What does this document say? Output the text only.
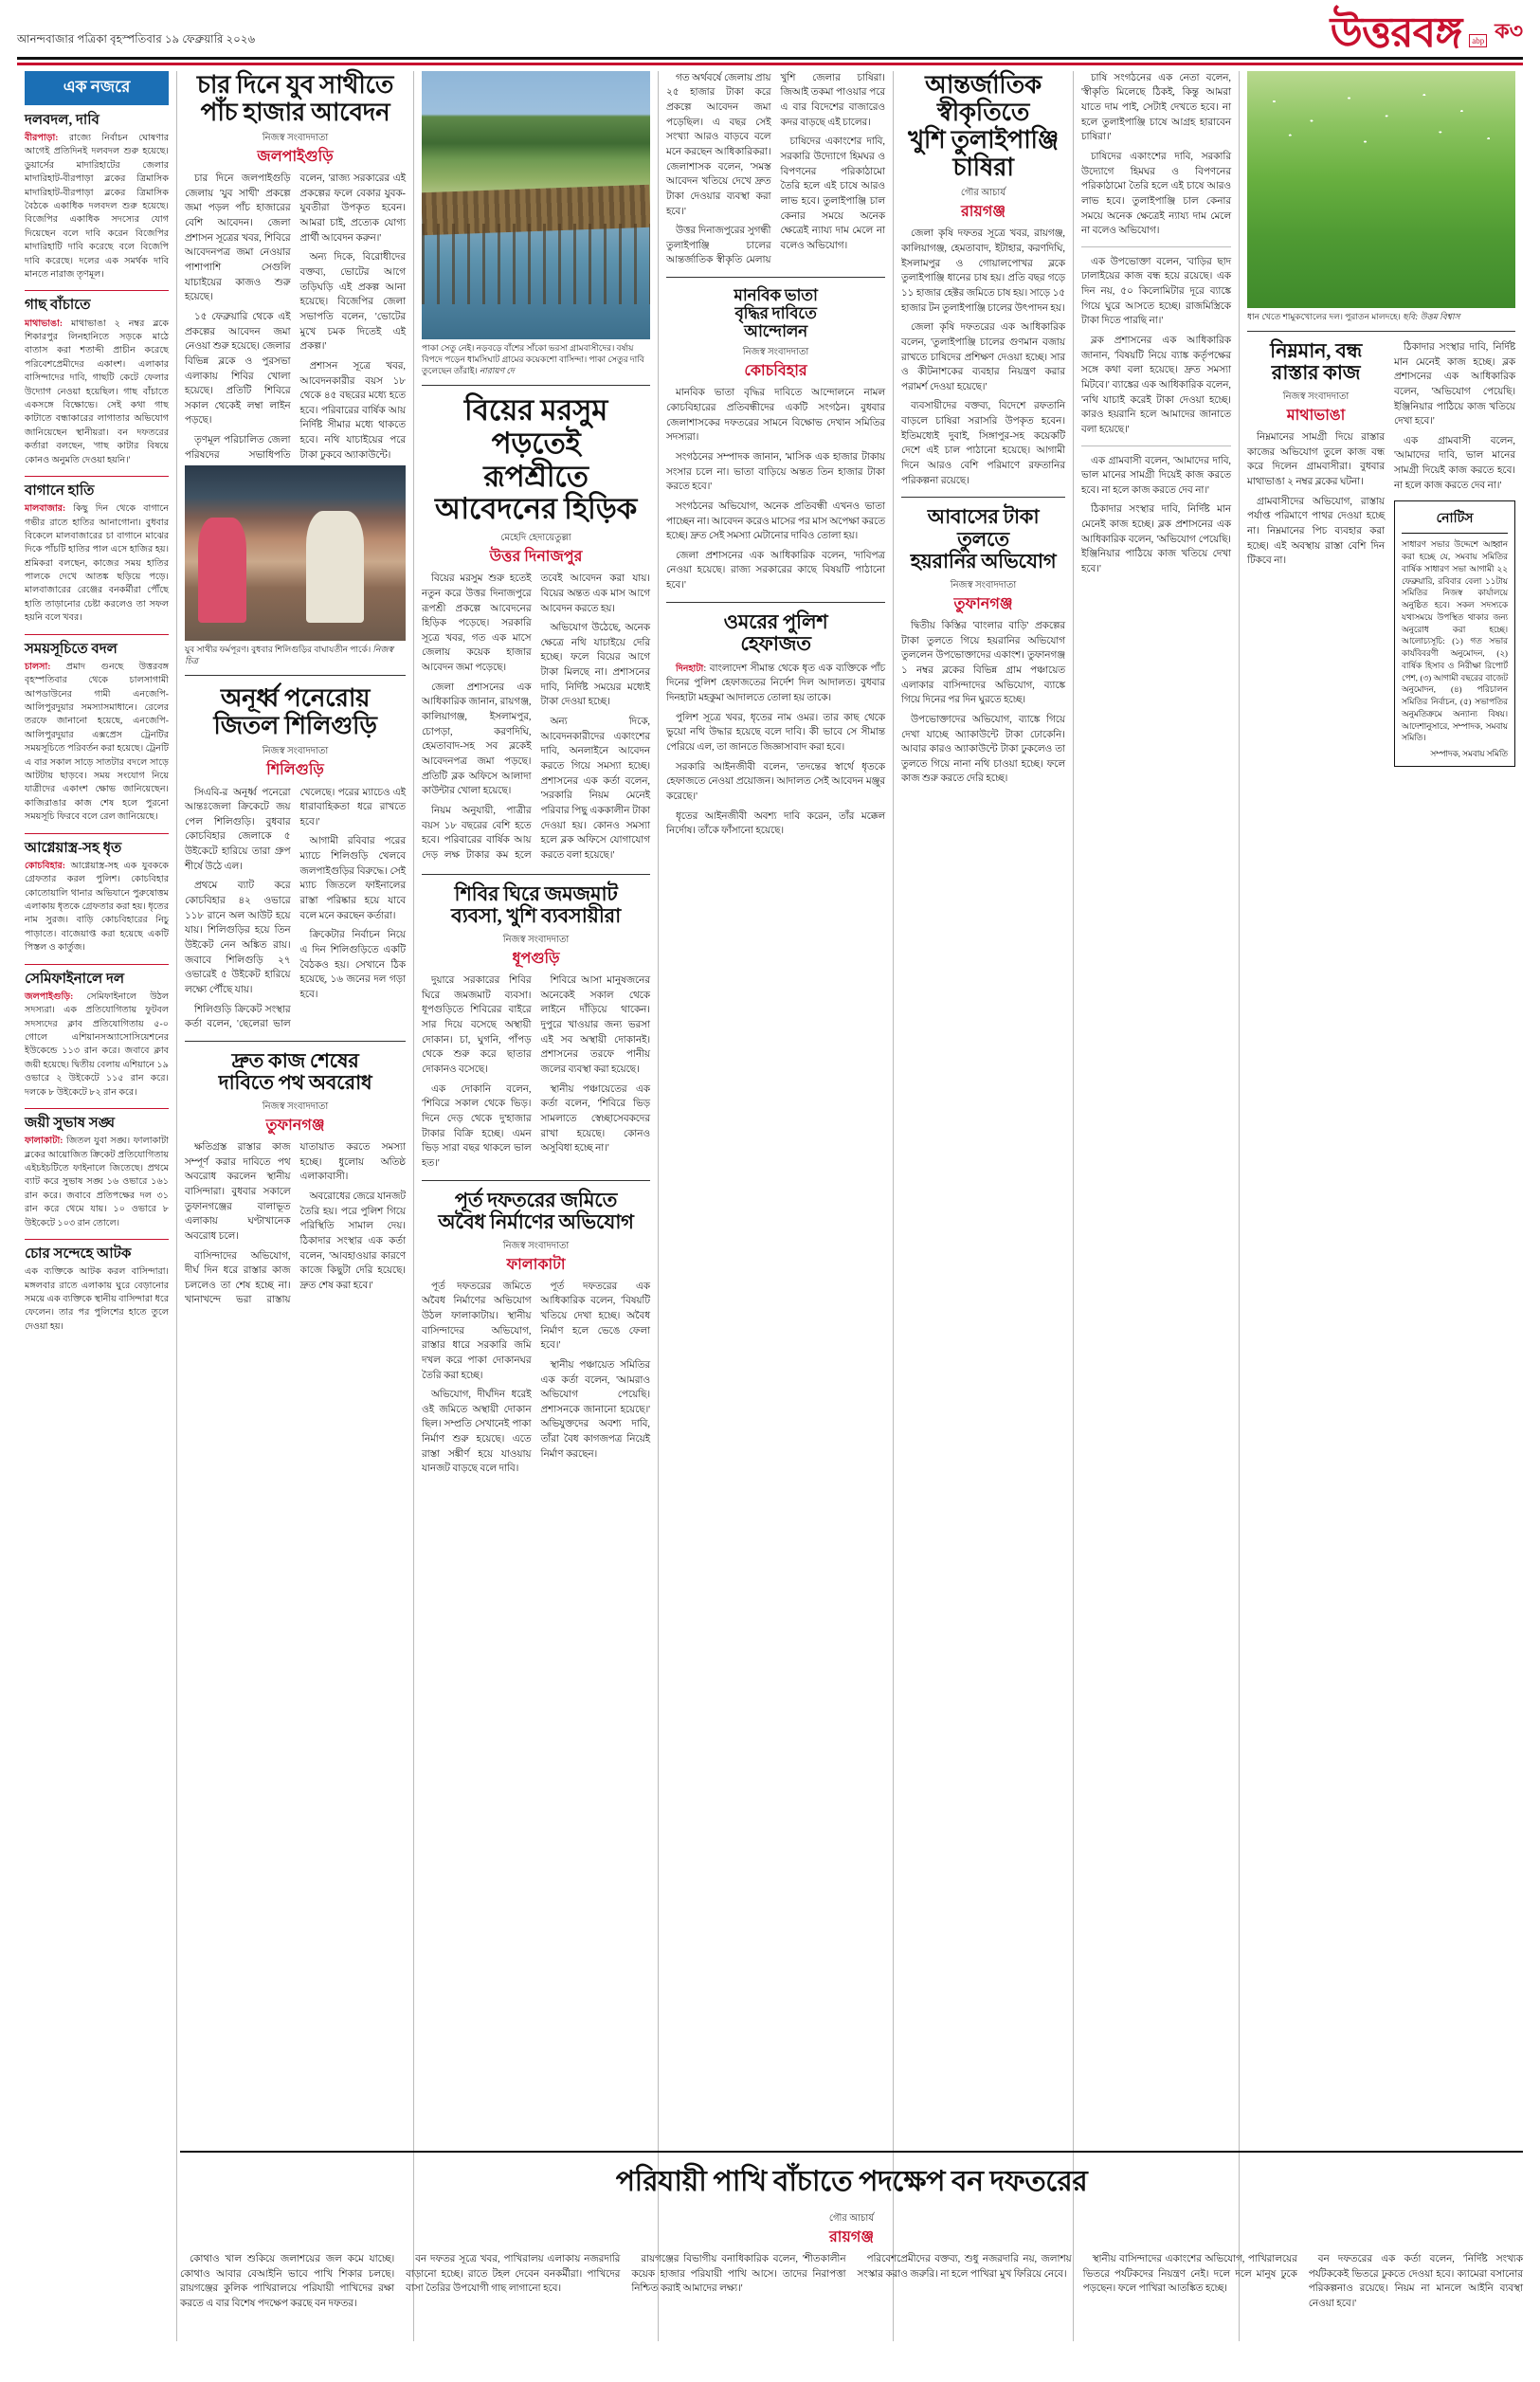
আনন্দবাজার পত্রিকা বৃহস্পতিবার ১৯ ফেব্রুয়ারি ২০২৬	উত্তরবঙ্গ	abp ক৩
এক নজরে
দলবদল, দাবি
বীরপাড়া: রাজ্যে নির্বাচন ঘোষণার আগেই প্রতিদিনই দলবদল শুরু হয়েছে। ডুয়ার্সের মাদারিহাটের জেলার মাদারিহাট-বীরপাড়া ব্লকের ত্রিমাসিক মাদারিহাট-বীরপাড়া ব্লকের ত্রিমাসিক বৈঠকে একাধিক দলবদল শুরু হয়েছে। বিজেপির একাধিক সদস্যের যোগ দিয়েছেন বলে দাবি করেন বিজেপির মাদারিহাটি দাবি করেছে বলে বিজেপি দাবি করেছে। দলের এক সমর্থক দাবি মানতে নারাজ তৃণমূল।
গাছ বাঁচাতে
মাথাভাঙা: মাথাভাঙা ২ নম্বর ব্লকে শিকারপুর লিনহানিতে সড়কে মাঠে বাতাস করা শতাব্দী প্রাচীন করেছে পরিবেশপ্রেমীদের একাংশ। এলাকার বাসিন্দাদের দাবি, গাছটি কেটে ফেলার উদ্যোগ নেওয়া হয়েছিল। গাছ বাঁচাতে একসঙ্গে বিক্ষোভে। সেই কথা গাছ কাটাতে বন্ধাকারের লাগাতার অভিযোগ জানিয়েছেন স্থানীয়রা। বন দফতরের কর্তারা বলছেন, 'গাছ কাটার বিষয়ে কোনও অনুমতি দেওয়া হয়নি।'
বাগানে হাতি
মালবাজার: কিছু দিন থেকে বাগানে গভীর রাতে হাতির আনাগোনা। বুধবার বিকেলে মালবাজারের চা বাগানে মাঝের দিকে পাঁচটি হাতির পাল এসে হাজির হয়। শ্রমিকরা বলছেন, কাজের সময় হাতির পালকে দেখে আতঙ্ক ছড়িয়ে পড়ে। মালবাজারের রেঞ্জের বনকর্মীরা পৌঁছে হাতি তাড়ানোর চেষ্টা করলেও তা সফল হয়নি বলে খবর।
সময়সূচিতে বদল
চালসা: প্রমাদ গুনছে উত্তরবঙ্গ বৃহস্পতিবার থেকে চালসাগামী আপডাউনের গামী এনজেপি-আলিপুরদুয়ার সমস্যাসমাধানে। রেলের তরফে জানানো হয়েছে, এনজেপি-আলিপুরদুয়ার এক্সপ্রেস ট্রেনটির সময়সূচিতে পরিবর্তন করা হয়েছে। ট্রেনটি এ বার সকাল সাড়ে সাতটার বদলে সাড়ে আটটায় ছাড়বে। সময় সংযোগ নিয়ে যাত্রীদের একাংশ ক্ষোভ জানিয়েছেন। কাজিরাঙার কাজ শেষ হলে পুরনো সময়সূচি ফিরবে বলে রেল জানিয়েছে।
আগ্নেয়াস্ত্র-সহ ধৃত
কোচবিহার: আগ্নেয়াস্ত্র-সহ এক যুবককে গ্রেফতার করল পুলিশ। কোচবিহার কোতোয়ালি থানার অভিযানে পুরুষোত্তম এলাকায় ধৃতকে গ্রেফতার করা হয়। ধৃতের নাম সুরজ। বাড়ি কোচবিহারের নিচু পাড়াতে। বাজেয়াপ্ত করা হয়েছে একটি পিস্তল ও কার্তুজ।
সেমিফাইনালে দল
জলপাইগুড়ি: সেমিফাইনালে উঠল সদস্যরা। এক প্রতিযোগিতায় ফুটবল সদস্যদের ক্লাব প্রতিযোগিতায় ৫-০ গোলে এশিয়ানসঅ্যাসোসিয়েশনের ইউকেন্ডে ১১৩ রান করে। জবাবে ক্লাব জয়ী হয়েছে। দ্বিতীয় বেলায় এশিয়ানে ১৯ ওভারে ২ উইকেটে ১১৫ রান করে। দলকে ৮ উইকেটে ৮২ রান করে।
জয়ী সুভাষ সঙ্ঘ
ফালাকাটা: জিতল যুবা সঙ্ঘ। ফালাকাটা ব্লকের আয়োজিত ক্রিকেট প্রতিযোগিতায় এইচইচটিতে ফাইনালে জিতেছে। প্রথমে ব্যাট করে সুভাষ সঙ্ঘ ১৬ ওভারে ১৬১ রান করে। জবাবে প্রতিপক্ষের দল ৩১ রান করে থেমে যায়। ১০ ওভারে ৮ উইকেটে ১০৩ রান তোলে।
চোর সন্দেহে আটক
এক ব্যক্তিকে আটক করল বাসিন্দারা। মঙ্গলবার রাতে এলাকায় ঘুরে বেড়ানোর সময়ে এক ব্যক্তিকে স্থানীয় বাসিন্দারা ধরে ফেলেন। তার পর পুলিশের হাতে তুলে দেওয়া হয়।
চার দিনে যুব সাথীতে
পাঁচ হাজার আবেদন
নিজস্ব সংবাদদাতা
জলপাইগুড়ি

চার দিনে জলপাইগুড়ি জেলায় 'যুব সাথী' প্রকল্পে জমা পড়ল পাঁচ হাজারের বেশি আবেদন। জেলা প্রশাসন সূত্রের খবর, শিবিরে আবেদনপত্র জমা নেওয়ার পাশাপাশি সেগুলি যাচাইয়ের কাজও শুরু হয়েছে।

১৫ ফেব্রুয়ারি থেকে এই প্রকল্পের আবেদন জমা নেওয়া শুরু হয়েছে। জেলার বিভিন্ন ব্লকে ও পুরসভা এলাকায় শিবির খোলা হয়েছে। প্রতিটি শিবিরে সকাল থেকেই লম্বা লাইন পড়ছে।

তৃণমূল পরিচালিত জেলা পরিষদের সভাধিপতি বলেন, 'রাজ্য সরকারের এই প্রকল্পের ফলে বেকার যুবক-যুবতীরা উপকৃত হবেন। আমরা চাই, প্রত্যেক যোগ্য প্রার্থী আবেদন করুন।'

অন্য দিকে, বিরোধীদের বক্তব্য, ভোটের আগে তড়িঘড়ি এই প্রকল্প আনা হয়েছে। বিজেপির জেলা সভাপতি বলেন, 'ভোটের মুখে চমক দিতেই এই প্রকল্প।'

প্রশাসন সূত্রে খবর, আবেদনকারীর বয়স ১৮ থেকে ৪৫ বছরের মধ্যে হতে হবে। পরিবারের বার্ষিক আয় নির্দিষ্ট সীমার মধ্যে থাকতে হবে। নথি যাচাইয়ের পরে টাকা ঢুকবে অ্যাকাউন্টে।

যুব সাথীর ফর্মপূরণ। বুধবার শিলিগুড়ির বাঘাযতীন পার্কে। নিজস্ব চিত্র
অনূর্ধ্ব পনেরোয়
জিতল শিলিগুড়ি
নিজস্ব সংবাদদাতা
শিলিগুড়ি

সিএবি-র অনূর্ধ্ব পনেরো আন্তঃজেলা ক্রিকেটে জয় পেল শিলিগুড়ি। বুধবার কোচবিহার জেলাকে ৫ উইকেটে হারিয়ে তারা গ্রুপ শীর্ষে উঠে এল।

প্রথমে ব্যাট করে কোচবিহার ৪২ ওভারে ১১৮ রানে অল আউট হয়ে যায়। শিলিগুড়ির হয়ে তিন উইকেট নেন অঙ্কিত রায়। জবাবে শিলিগুড়ি ২৭ ওভারেই ৫ উইকেট হারিয়ে লক্ষ্যে পৌঁছে যায়।

শিলিগুড়ি ক্রিকেট সংস্থার কর্তা বলেন, 'ছেলেরা ভাল খেলেছে। পরের ম্যাচেও এই ধারাবাহিকতা ধরে রাখতে হবে।'

আগামী রবিবার পরের ম্যাচে শিলিগুড়ি খেলবে জলপাইগুড়ির বিরুদ্ধে। সেই ম্যাচ জিতলে ফাইনালের রাস্তা পরিষ্কার হয়ে যাবে বলে মনে করছেন কর্তারা।

ক্রিকেটার নির্বাচন নিয়ে এ দিন শিলিগুড়িতে একটি বৈঠকও হয়। সেখানে ঠিক হয়েছে, ১৬ জনের দল গড়া হবে।

দ্রুত কাজ শেষের
দাবিতে পথ অবরোধ
নিজস্ব সংবাদদাতা
তুফানগঞ্জ

ক্ষতিগ্রস্ত রাস্তার কাজ সম্পূর্ণ করার দাবিতে পথ অবরোধ করলেন স্থানীয় বাসিন্দারা। বুধবার সকালে তুফানগঞ্জের বালাভূত এলাকায় ঘণ্টাখানেক অবরোধ চলে।

বাসিন্দাদের অভিযোগ, দীর্ঘ দিন ধরে রাস্তার কাজ চললেও তা শেষ হচ্ছে না। খানাখন্দে ভরা রাস্তায় যাতায়াত করতে সমস্যা হচ্ছে। ধুলোয় অতিষ্ঠ এলাকাবাসী।

অবরোধের জেরে যানজট তৈরি হয়। পরে পুলিশ গিয়ে পরিস্থিতি সামাল দেয়। ঠিকাদার সংস্থার এক কর্তা বলেন, 'আবহাওয়ার কারণে কাজে কিছুটা দেরি হয়েছে। দ্রুত শেষ করা হবে।'

পাকা সেতু নেই। নড়বড়ে বাঁশের সাঁকো ভরসা গ্রামবাসীদের। বর্ষায় বিপদে পড়েন ধামসিঘাট গ্রামের কয়েকশো বাসিন্দা। পাকা সেতুর দাবি তুলেছেন তাঁরাই। নারায়ণ দে
বিয়ের মরসুম পড়তেই
রূপশ্রীতে আবেদনের হিড়িক
মেহেদি হেদায়েতুল্লা
উত্তর দিনাজপুর

বিয়ের মরসুম শুরু হতেই নতুন করে উত্তর দিনাজপুরে রূপশ্রী প্রকল্পে আবেদনের হিড়িক পড়েছে। সরকারি সূত্রে খবর, গত এক মাসে জেলায় কয়েক হাজার আবেদন জমা পড়েছে।

জেলা প্রশাসনের এক আধিকারিক জানান, রায়গঞ্জ, কালিয়াগঞ্জ, ইসলামপুর, চোপড়া, করণদিঘি, হেমতাবাদ-সহ সব ব্লকেই আবেদনপত্র জমা পড়ছে। প্রতিটি ব্লক অফিসে আলাদা কাউন্টার খোলা হয়েছে।

নিয়ম অনুযায়ী, পাত্রীর বয়স ১৮ বছরের বেশি হতে হবে। পরিবারের বার্ষিক আয় দেড় লক্ষ টাকার কম হলে তবেই আবেদন করা যায়। বিয়ের অন্তত এক মাস আগে আবেদন করতে হয়।

অভিযোগ উঠেছে, অনেক ক্ষেত্রে নথি যাচাইয়ে দেরি হচ্ছে। ফলে বিয়ের আগে টাকা মিলছে না। প্রশাসনের দাবি, নির্দিষ্ট সময়ের মধ্যেই টাকা দেওয়া হচ্ছে।

অন্য দিকে, আবেদনকারীদের একাংশের দাবি, অনলাইনে আবেদন করতে গিয়ে সমস্যা হচ্ছে। প্রশাসনের এক কর্তা বলেন, 'সরকারি নিয়ম মেনেই পরিবার পিছু এককালীন টাকা দেওয়া হয়। কোনও সমস্যা হলে ব্লক অফিসে যোগাযোগ করতে বলা হয়েছে।'

শিবির ঘিরে জমজমাট
ব্যবসা, খুশি ব্যবসায়ীরা
নিজস্ব সংবাদদাতা
ধূপগুড়ি

দুয়ারে সরকারের শিবির ঘিরে জমজমাট ব্যবসা। ধূপগুড়িতে শিবিরের বাইরে সার দিয়ে বসেছে অস্থায়ী দোকান। চা, ঘুগনি, পাঁপড় থেকে শুরু করে ছাতার দোকানও বসেছে।

এক দোকানি বলেন, 'শিবিরে সকাল থেকে ভিড়। দিনে দেড় থেকে দু'হাজার টাকার বিক্রি হচ্ছে। এমন ভিড় সারা বছর থাকলে ভাল হত।'

শিবিরে আসা মানুষজনের অনেকেই সকাল থেকে লাইনে দাঁড়িয়ে থাকেন। দুপুরে খাওয়ার জন্য ভরসা এই সব অস্থায়ী দোকানই। প্রশাসনের তরফে পানীয় জলের ব্যবস্থা করা হয়েছে।

স্থানীয় পঞ্চায়েতের এক কর্তা বলেন, 'শিবিরে ভিড় সামলাতে স্বেচ্ছাসেবকদের রাখা হয়েছে। কোনও অসুবিধা হচ্ছে না।'

পূর্ত দফতরের জমিতে
অবৈধ নির্মাণের অভিযোগ
নিজস্ব সংবাদদাতা
ফালাকাটা

পূর্ত দফতরের জমিতে অবৈধ নির্মাণের অভিযোগ উঠল ফালাকাটায়। স্থানীয় বাসিন্দাদের অভিযোগ, রাস্তার ধারে সরকারি জমি দখল করে পাকা দোকানঘর তৈরি করা হচ্ছে।

অভিযোগ, দীর্ঘদিন ধরেই ওই জমিতে অস্থায়ী দোকান ছিল। সম্প্রতি সেখানেই পাকা নির্মাণ শুরু হয়েছে। এতে রাস্তা সঙ্কীর্ণ হয়ে যাওয়ায় যানজট বাড়ছে বলে দাবি।

পূর্ত দফতরের এক আধিকারিক বলেন, 'বিষয়টি খতিয়ে দেখা হচ্ছে। অবৈধ নির্মাণ হলে ভেঙে ফেলা হবে।'

স্থানীয় পঞ্চায়েত সমিতির এক কর্তা বলেন, 'আমরাও অভিযোগ পেয়েছি। প্রশাসনকে জানানো হয়েছে।' অভিযুক্তদের অবশ্য দাবি, তাঁরা বৈধ কাগজপত্র নিয়েই নির্মাণ করছেন।

গত অর্থবর্ষে জেলায় প্রায় ২৫ হাজার টাকা করে প্রকল্পে আবেদন জমা পড়েছিল। এ বছর সেই সংখ্যা আরও বাড়বে বলে মনে করছেন আধিকারিকরা। জেলাশাসক বলেন, 'সমস্ত আবেদন খতিয়ে দেখে দ্রুত টাকা দেওয়ার ব্যবস্থা করা হবে।'

উত্তর দিনাজপুরের সুগন্ধী তুলাইপাঞ্জি চালের আন্তর্জাতিক স্বীকৃতি মেলায় খুশি জেলার চাষিরা। জিআই তকমা পাওয়ার পরে এ বার বিদেশের বাজারেও কদর বাড়ছে এই চালের।

চাষিদের একাংশের দাবি, সরকারি উদ্যোগে হিমঘর ও বিপণনের পরিকাঠামো তৈরি হলে এই চাষে আরও লাভ হবে। তুলাইপাঞ্জি চাল কেনার সময়ে অনেক ক্ষেত্রেই ন্যায্য দাম মেলে না বলেও অভিযোগ।

মানবিক ভাতা
বৃদ্ধির দাবিতে
আন্দোলন
নিজস্ব সংবাদদাতা
কোচবিহার

মানবিক ভাতা বৃদ্ধির দাবিতে আন্দোলনে নামল কোচবিহারের প্রতিবন্ধীদের একটি সংগঠন। বুধবার জেলাশাসকের দফতরের সামনে বিক্ষোভ দেখান সমিতির সদস্যরা।

সংগঠনের সম্পাদক জানান, 'মাসিক এক হাজার টাকায় সংসার চলে না। ভাতা বাড়িয়ে অন্তত তিন হাজার টাকা করতে হবে।'

সংগঠনের অভিযোগ, অনেক প্রতিবন্ধী এখনও ভাতা পাচ্ছেন না। আবেদন করেও মাসের পর মাস অপেক্ষা করতে হচ্ছে। দ্রুত সেই সমস্যা মেটানোর দাবিও তোলা হয়।

জেলা প্রশাসনের এক আধিকারিক বলেন, 'দাবিপত্র নেওয়া হয়েছে। রাজ্য সরকারের কাছে বিষয়টি পাঠানো হবে।'

ওমরের পুলিশ
হেফাজত

দিনহাটা: বাংলাদেশ সীমান্ত থেকে ধৃত এক ব্যক্তিকে পাঁচ দিনের পুলিশ হেফাজতের নির্দেশ দিল আদালত। বুধবার দিনহাটা মহকুমা আদালতে তোলা হয় তাকে।

পুলিশ সূত্রে খবর, ধৃতের নাম ওমর। তার কাছ থেকে ভুয়ো নথি উদ্ধার হয়েছে বলে দাবি। কী ভাবে সে সীমান্ত পেরিয়ে এল, তা জানতে জিজ্ঞাসাবাদ করা হবে।

সরকারি আইনজীবী বলেন, 'তদন্তের স্বার্থে ধৃতকে হেফাজতে নেওয়া প্রয়োজন। আদালত সেই আবেদন মঞ্জুর করেছে।'

ধৃতের আইনজীবী অবশ্য দাবি করেন, তাঁর মক্কেল নির্দোষ। তাঁকে ফাঁসানো হয়েছে।

আন্তর্জাতিক স্বীকৃতিতে
খুশি তুলাইপাঞ্জি চাষিরা
গৌর আচার্য
রায়গঞ্জ

জেলা কৃষি দফতর সূত্রে খবর, রায়গঞ্জ, কালিয়াগঞ্জ, হেমতাবাদ, ইটাহার, করণদিঘি, ইসলামপুর ও গোয়ালপোখর ব্লকে তুলাইপাঞ্জি ধানের চাষ হয়। প্রতি বছর গড়ে ১১ হাজার হেক্টর জমিতে চাষ হয়। সাড়ে ১৫ হাজার টন তুলাইপাঞ্জি চালের উৎপাদন হয়।

জেলা কৃষি দফতরের এক আধিকারিক বলেন, 'তুলাইপাঞ্জি চালের গুণমান বজায় রাখতে চাষিদের প্রশিক্ষণ দেওয়া হচ্ছে। সার ও কীটনাশকের ব্যবহার নিয়ন্ত্রণ করার পরামর্শ দেওয়া হয়েছে।'

ব্যবসায়ীদের বক্তব্য, বিদেশে রফতানি বাড়লে চাষিরা সরাসরি উপকৃত হবেন। ইতিমধ্যেই দুবাই, সিঙ্গাপুর-সহ কয়েকটি দেশে এই চাল পাঠানো হয়েছে। আগামী দিনে আরও বেশি পরিমাণে রফতানির পরিকল্পনা রয়েছে।

আবাসের টাকা তুলতে
হয়রানির অভিযোগ
নিজস্ব সংবাদদাতা
তুফানগঞ্জ

দ্বিতীয় কিস্তির 'বাংলার বাড়ি' প্রকল্পের টাকা তুলতে গিয়ে হয়রানির অভিযোগ তুললেন উপভোক্তাদের একাংশ। তুফানগঞ্জ ১ নম্বর ব্লকের বিভিন্ন গ্রাম পঞ্চায়েত এলাকার বাসিন্দাদের অভিযোগ, ব্যাঙ্কে গিয়ে দিনের পর দিন ঘুরতে হচ্ছে।

উপভোক্তাদের অভিযোগ, ব্যাঙ্কে গিয়ে দেখা যাচ্ছে অ্যাকাউন্টে টাকা ঢোকেনি। আবার কারও অ্যাকাউন্টে টাকা ঢুকলেও তা তুলতে গিয়ে নানা নথি চাওয়া হচ্ছে। ফলে কাজ শুরু করতে দেরি হচ্ছে।

চাষি সংগঠনের এক নেতা বলেন, 'স্বীকৃতি মিলেছে ঠিকই, কিন্তু আমরা যাতে দাম পাই, সেটাই দেখতে হবে। না হলে তুলাইপাঞ্জি চাষে আগ্রহ হারাবেন চাষিরা।'

চাষিদের একাংশের দাবি, সরকারি উদ্যোগে হিমঘর ও বিপণনের পরিকাঠামো তৈরি হলে এই চাষে আরও লাভ হবে। তুলাইপাঞ্জি চাল কেনার সময়ে অনেক ক্ষেত্রেই ন্যায্য দাম মেলে না বলেও অভিযোগ।

এক উপভোক্তা বলেন, 'বাড়ির ছাদ ঢালাইয়ের কাজ বন্ধ হয়ে রয়েছে। এক দিন নয়, ৫০ কিলোমিটার দূরে ব্যাঙ্কে গিয়ে ঘুরে আসতে হচ্ছে। রাজমিস্ত্রিকে টাকা দিতে পারছি না।'

ব্লক প্রশাসনের এক আধিকারিক জানান, 'বিষয়টি নিয়ে ব্যাঙ্ক কর্তৃপক্ষের সঙ্গে কথা বলা হয়েছে। দ্রুত সমস্যা মিটবে।' ব্যাঙ্কের এক আধিকারিক বলেন, 'নথি যাচাই করেই টাকা দেওয়া হচ্ছে। কারও হয়রানি হলে আমাদের জানাতে বলা হয়েছে।'

এক গ্রামবাসী বলেন, 'আমাদের দাবি, ভাল মানের সামগ্রী দিয়েই কাজ করতে হবে। না হলে কাজ করতে দেব না।'

ঠিকাদার সংস্থার দাবি, নির্দিষ্ট মান মেনেই কাজ হচ্ছে। ব্লক প্রশাসনের এক আধিকারিক বলেন, 'অভিযোগ পেয়েছি। ইঞ্জিনিয়ার পাঠিয়ে কাজ খতিয়ে দেখা হবে।'

ধান খেতে শামুকখোলের দল। পুরাতন মালদহে। ছবি: উত্তম বিশ্বাস
নিম্নমান, বন্ধ
রাস্তার কাজ
নিজস্ব সংবাদদাতা
মাথাভাঙা

নিম্নমানের সামগ্রী দিয়ে রাস্তার কাজের অভিযোগ তুলে কাজ বন্ধ করে দিলেন গ্রামবাসীরা। বুধবার মাথাভাঙা ২ নম্বর ব্লকের ঘটনা।

গ্রামবাসীদের অভিযোগ, রাস্তায় পর্যাপ্ত পরিমাণে পাথর দেওয়া হচ্ছে না। নিম্নমানের পিচ ব্যবহার করা হচ্ছে। এই অবস্থায় রাস্তা বেশি দিন টিকবে না।

ঠিকাদার সংস্থার দাবি, নির্দিষ্ট মান মেনেই কাজ হচ্ছে। ব্লক প্রশাসনের এক আধিকারিক বলেন, 'অভিযোগ পেয়েছি। ইঞ্জিনিয়ার পাঠিয়ে কাজ খতিয়ে দেখা হবে।'

এক গ্রামবাসী বলেন, 'আমাদের দাবি, ভাল মানের সামগ্রী দিয়েই কাজ করতে হবে। না হলে কাজ করতে দেব না।'

নোটিস
সাধারণ সভার উদ্দেশে আহ্বান করা হচ্ছে যে, সমবায় সমিতির বার্ষিক সাধারণ সভা আগামী ২২ ফেব্রুয়ারি, রবিবার বেলা ১১টায় সমিতির নিজস্ব কার্যালয়ে অনুষ্ঠিত হবে। সকল সদস্যকে যথাসময়ে উপস্থিত থাকার জন্য অনুরোধ করা হচ্ছে। আলোচ্যসূচি: (১) গত সভার কার্যবিবরণী অনুমোদন, (২) বার্ষিক হিসাব ও নিরীক্ষা রিপোর্ট পেশ, (৩) আগামী বছরের বাজেট অনুমোদন, (৪) পরিচালন সমিতির নির্বাচন, (৫) সভাপতির অনুমতিক্রমে অন্যান্য বিষয়। আদেশানুসারে, সম্পাদক, সমবায় সমিতি।
সম্পাদক, সমবায় সমিতি
পরিযায়ী পাখি বাঁচাতে পদক্ষেপ বন দফতরের
গৌর আচার্য
রায়গঞ্জ

কোথাও খাল শুকিয়ে জলাশয়ের জল কমে যাচ্ছে। কোথাও আবার বেআইনি ভাবে পাখি শিকার চলছে। রায়গঞ্জের কুলিক পাখিরালয়ে পরিযায়ী পাখিদের রক্ষা করতে এ বার বিশেষ পদক্ষেপ করছে বন দফতর।

বন দফতর সূত্রে খবর, পাখিরালয় এলাকায় নজরদারি বাড়ানো হচ্ছে। রাতে টহল দেবেন বনকর্মীরা। পাখিদের বাসা তৈরির উপযোগী গাছ লাগানো হবে।

রায়গঞ্জের বিভাগীয় বনাধিকারিক বলেন, 'শীতকালীন কয়েক হাজার পরিযায়ী পাখি আসে। তাদের নিরাপত্তা নিশ্চিত করাই আমাদের লক্ষ্য।'

পরিবেশপ্রেমীদের বক্তব্য, শুধু নজরদারি নয়, জলাশয় সংস্কার করাও জরুরি। না হলে পাখিরা মুখ ফিরিয়ে নেবে।

স্থানীয় বাসিন্দাদের একাংশের অভিযোগ, পাখিরালয়ের ভিতরে পর্যটকদের নিয়ন্ত্রণ নেই। দলে দলে মানুষ ঢুকে পড়ছেন। ফলে পাখিরা আতঙ্কিত হচ্ছে।

বন দফতরের এক কর্তা বলেন, 'নির্দিষ্ট সংখ্যক পর্যটককেই ভিতরে ঢুকতে দেওয়া হবে। ক্যামেরা বসানোর পরিকল্পনাও রয়েছে। নিয়ম না মানলে আইনি ব্যবস্থা নেওয়া হবে।'
